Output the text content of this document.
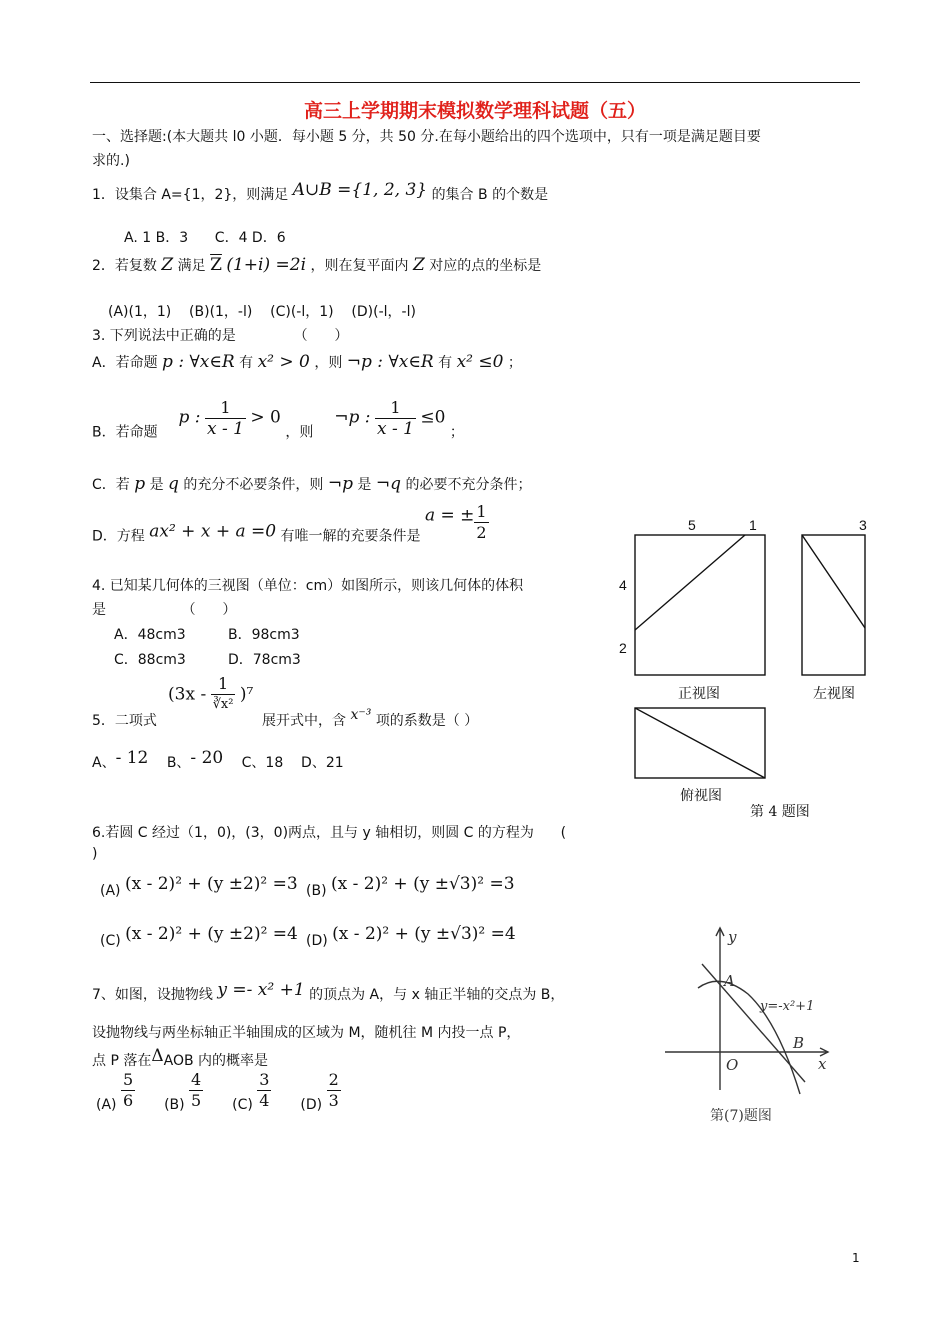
高三上学期期末模拟数学理科试题（五）
一、选择题:(本大题共 l0 小题．每小题 5 分，共 50 分.在每小题给出的四个选项中，只有一项是满足题目要
求的.)
1．设集合 A={1，2}，则满足 A∪B ={1, 2, 3} 的集合 B 的个数是
A. 1 B．3      C．4 D．6
2．若复数 Z 满足 $\overline{Z}$ (1+i) =2i ，则在复平面内 Z 对应的点的坐标是
(A)(1，1)    (B)(1，-l)    (C)(-l，1)    (D)(-l，-l)
3. 下列说法中正确的是             （      ）
A．若命题 p : ∀x∈R 有 x² > 0 ，则 ¬p : ∀x∈R 有 x² ≤0 ；
B．若命题  p : $\frac{1}{x - 1} > 0$ ，则  ¬p : $\frac{1}{x - 1} \le 0$ ；
C．若 p 是 q 的充分不必要条件，则 ¬p 是 ¬q 的必要不充分条件；
D．方程 ax² + x + a =0 有唯一解的充要条件是 a = ± $\frac{1}{2}$
4. 已知某几何体的三视图（单位：cm）如图所示，则该几何体的体积
是                 （      ）
A．48cm3	B．98cm3
C．88cm3	D．78cm3
$(3x - \frac{1}{\text{∛x²}} )^7$
5．二项式	展开式中，含 x⁻³ 项的系数是（ ）
A、- 12 B、- 20 C、18    D、21
6.若圆 C 经过（1，0)，(3，0)两点，且与 y 轴相切，则圆 C 的方程为      (
)
(A) (x - 2)² + (y ±2)² =3 (B) (x - 2)² + (y ±√3)² =3
(C) (x - 2)² + (y ±2)² =4 (D) (x - 2)² + (y ±√3)² =4
7、如图，设抛物线 y =- x² +1 的顶点为 A，与 x 轴正半轴的交点为 B，
设抛物线与两坐标轴正半轴围成的区域为 M，随机往 M 内投一点 P，
点 P 落在ΔAOB 内的概率是
$(A) \frac{5}{6} (B) \frac{4}{5} (C) \frac{3}{4} (D) \frac{2}{3}$
5	1	3
4
2
正视图	左视图
俯视图
第 4 题图
y
x
A
B
O
y=-x²+1
第(7)题图
1
